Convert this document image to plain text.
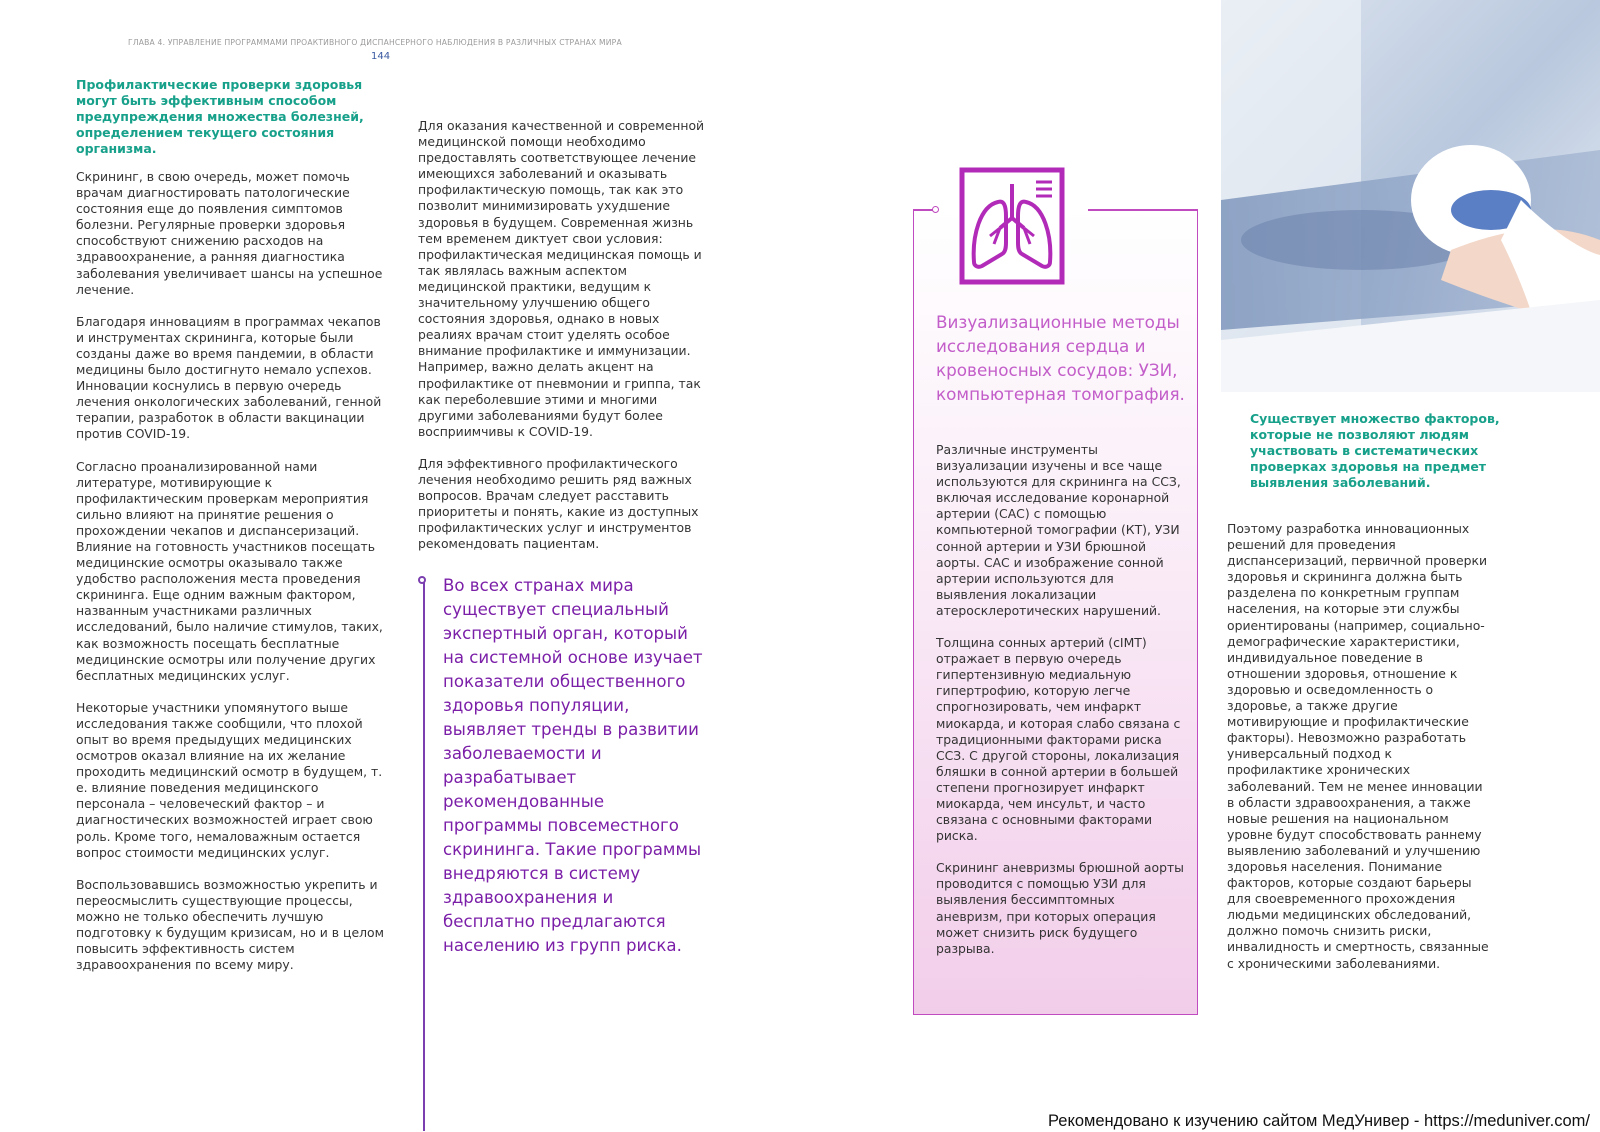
ГЛАВА 4. УПРАВЛЕНИЕ ПРОГРАММАМИ ПРОАКТИВНОГО ДИСПАНСЕРНОГО НАБЛЮДЕНИЯ В РАЗЛИЧНЫХ СТРАНАХ МИРА
144

Профилактические проверки здоровья могут быть эффективным способом предупреждения множества болезней, определением текущего состояния организма.

Скрининг, в свою очередь, может помочь врачам диагностировать патологические состояния еще до появления симптомов болезни. Регулярные проверки здоровья способствуют снижению расходов на здравоохранение, а ранняя диагностика заболевания увеличивает шансы на успешное лечение.

Благодаря инновациям в программах чекапов и инструментах скрининга, которые были созданы даже во время пандемии, в области медицины было достигнуто немало успехов. Инновации коснулись в первую очередь лечения онкологических заболеваний, генной терапии, разработок в области вакцинации против COVID-19.

Согласно проанализированной нами литературе, мотивирующие к профилактическим проверкам мероприятия сильно влияют на принятие решения о прохождении чекапов и диспансеризаций. Влияние на готовность участников посещать медицинские осмотры оказывало также удобство расположения места проведения скрининга. Еще одним важным фактором, названным участниками различных исследований, было наличие стимулов, таких, как возможность посещать бесплатные медицинские осмотры или получение других бесплатных медицинских услуг.

Некоторые участники упомянутого выше исследования также сообщили, что плохой опыт во время предыдущих медицинских осмотров оказал влияние на их желание проходить медицинский осмотр в будущем, т. е. влияние поведения медицинского персонала – человеческий фактор – и диагностических возможностей играет свою роль. Кроме того, немаловажным остается вопрос стоимости медицинских услуг.

Воспользовавшись возможностью укрепить и переосмыслить существующие процессы, можно не только обеспечить лучшую подготовку к будущим кризисам, но и в целом повысить эффективность систем здравоохранения по всему миру.

Для оказания качественной и современной медицинской помощи необходимо предоставлять соответствующее лечение имеющихся заболеваний и оказывать профилактическую помощь, так как это позволит минимизировать ухудшение здоровья в будущем. Современная жизнь тем временем диктует свои условия: профилактическая медицинская помощь и так являлась важным аспектом медицинской практики, ведущим к значительному улучшению общего состояния здоровья, однако в новых реалиях врачам стоит уделять особое внимание профилактике и иммунизации. Например, важно делать акцент на профилактике от пневмонии и гриппа, так как переболевшие этими и многими другими заболеваниями будут более восприимчивы к COVID-19.

Для эффективного профилактического лечения необходимо решить ряд важных вопросов. Врачам следует расставить приоритеты и понять, какие из доступных профилактических услуг и инструментов рекомендовать пациентам.

Во всех странах мира существует специальный экспертный орган, который на системной основе изучает показатели общественного здоровья популяции, выявляет тренды в развитии заболеваемости и разрабатывает рекомендованные программы повсеместного скрининга. Такие программы внедряются в систему здравоохранения и бесплатно предлагаются населению из групп риска.

Визуализационные методы исследования сердца и кровеносных сосудов: УЗИ, компьютерная томография.

Различные инструменты визуализации изучены и все чаще используются для скрининга на ССЗ, включая исследование коронарной артерии (САС) с помощью компьютерной томографии (КТ), УЗИ сонной артерии и УЗИ брюшной аорты. САС и изображение сонной артерии используются для выявления локализации атеросклеротических нарушений.

Толщина сонных артерий (cIMT) отражает в первую очередь гипертензивную медиальную гипертрофию, которую легче спрогнозировать, чем инфаркт миокарда, и которая слабо связана с традиционными факторами риска ССЗ. С другой стороны, локализация бляшки в сонной артерии в большей степени прогнозирует инфаркт миокарда, чем инсульт, и часто связана с основными факторами риска.

Скрининг аневризмы брюшной аорты проводится с помощью УЗИ для выявления бессимптомных аневризм, при которых операция может снизить риск будущего разрыва.

Существует множество факторов, которые не позволяют людям участвовать в систематических проверках здоровья на предмет выявления заболеваний.

Поэтому разработка инновационных решений для проведения диспансеризаций, первичной проверки здоровья и скрининга должна быть разделена по конкретным группам населения, на которые эти службы ориентированы (например, социально-демографические характеристики, индивидуальное поведение в отношении здоровья, отношение к здоровью и осведомленность о здоровье, а также другие мотивирующие и профилактические факторы). Невозможно разработать универсальный подход к профилактике хронических заболеваний. Тем не менее инновации в области здравоохранения, а также новые решения на национальном уровне будут способствовать раннему выявлению заболеваний и улучшению здоровья населения. Понимание факторов, которые создают барьеры для своевременного прохождения людьми медицинских обследований, должно помочь снизить риски, инвалидность и смертность, связанные с хроническими заболеваниями.

Рекомендовано к изучению сайтом МедУнивер - https://meduniver.com/
